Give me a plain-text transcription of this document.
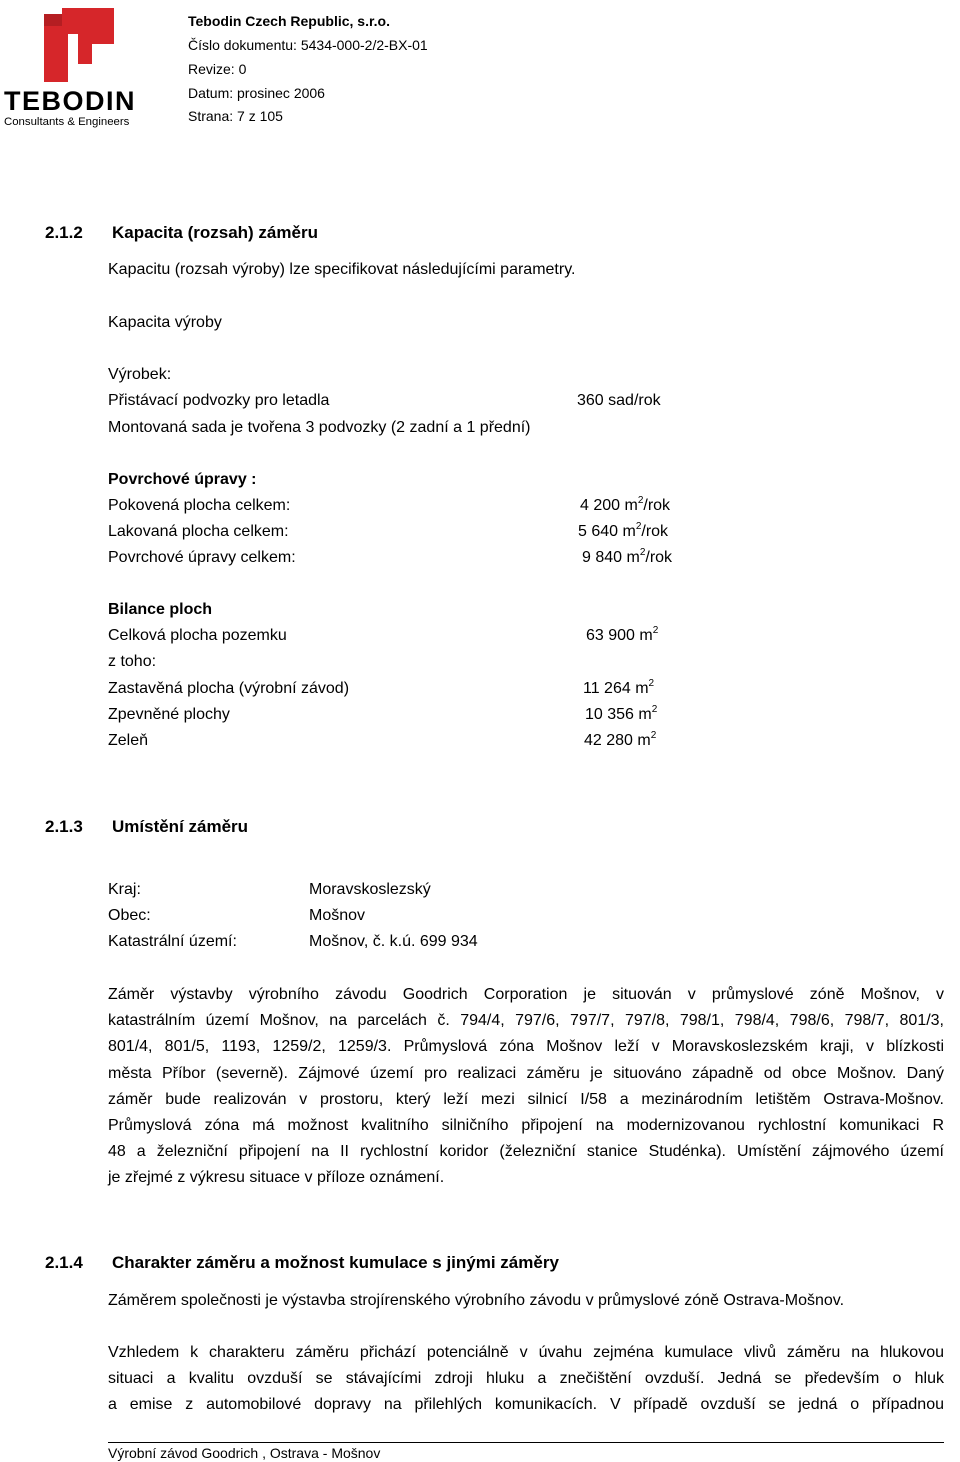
TEBODIN
Consultants & Engineers
Tebodin Czech Republic, s.r.o.
Číslo dokumentu: 5434-000-2/2-BX-01
Revize: 0
Datum: prosinec 2006
Strana: 7 z 105
2.1.2 Kapacita (rozsah) záměru
Kapacitu (rozsah výroby) lze specifikovat následujícími parametry.
Kapacita výroby
Výrobek:
Přistávací podvozky pro letadla	360 sad/rok
Montovaná sada je tvořena 3 podvozky (2 zadní a 1 přední)
Povrchové úpravy :
Pokovená plocha celkem:	4 200 $m^2$/rok
Lakovaná plocha celkem:	5 640 $m^2$/rok
Povrchové úpravy celkem:	9 840 $m^2$/rok
Bilance ploch
Celková plocha pozemku	63 900 $m^2$
z toho:
Zastavěná plocha (výrobní závod)	11 264 $m^2$
Zpevněné plochy	10 356 $m^2$
Zeleň	42 280 $m^2$
2.1.3 Umístění záměru
Kraj:	Moravskoslezský
Obec:	Mošnov
Katastrální území:	Mošnov, č. k.ú. 699 934
Záměr výstavby výrobního závodu Goodrich Corporation je situován v průmyslové zóně Mošnov, v
katastrálním území Mošnov, na parcelách č. 794/4, 797/6, 797/7, 797/8, 798/1, 798/4, 798/6, 798/7, 801/3,
801/4, 801/5, 1193, 1259/2, 1259/3. Průmyslová zóna Mošnov leží v Moravskoslezském kraji, v blízkosti
města Příbor (severně). Zájmové území pro realizaci záměru je situováno západně od obce Mošnov. Daný
záměr bude realizován v prostoru, který leží mezi silnicí I/58 a mezinárodním letištěm Ostrava-Mošnov.
Průmyslová zóna má možnost kvalitního silničního připojení na modernizovanou rychlostní komunikaci R
48 a železniční připojení na II rychlostní koridor (železniční stanice Studénka). Umístění zájmového území
je zřejmé z výkresu situace v příloze oznámení.
2.1.4 Charakter záměru a možnost kumulace s jinými záměry
Záměrem společnosti je výstavba strojírenského výrobního závodu v průmyslové zóně Ostrava-Mošnov.
Vzhledem k charakteru záměru přichází potenciálně v úvahu zejména kumulace vlivů záměru na hlukovou
situaci a kvalitu ovzduší se stávajícími zdroji hluku a znečištění ovzduší. Jedná se především o hluk
a emise z automobilové dopravy na přilehlých komunikacích. V případě ovzduší se jedná o případnou
Výrobní závod Goodrich , Ostrava - Mošnov
